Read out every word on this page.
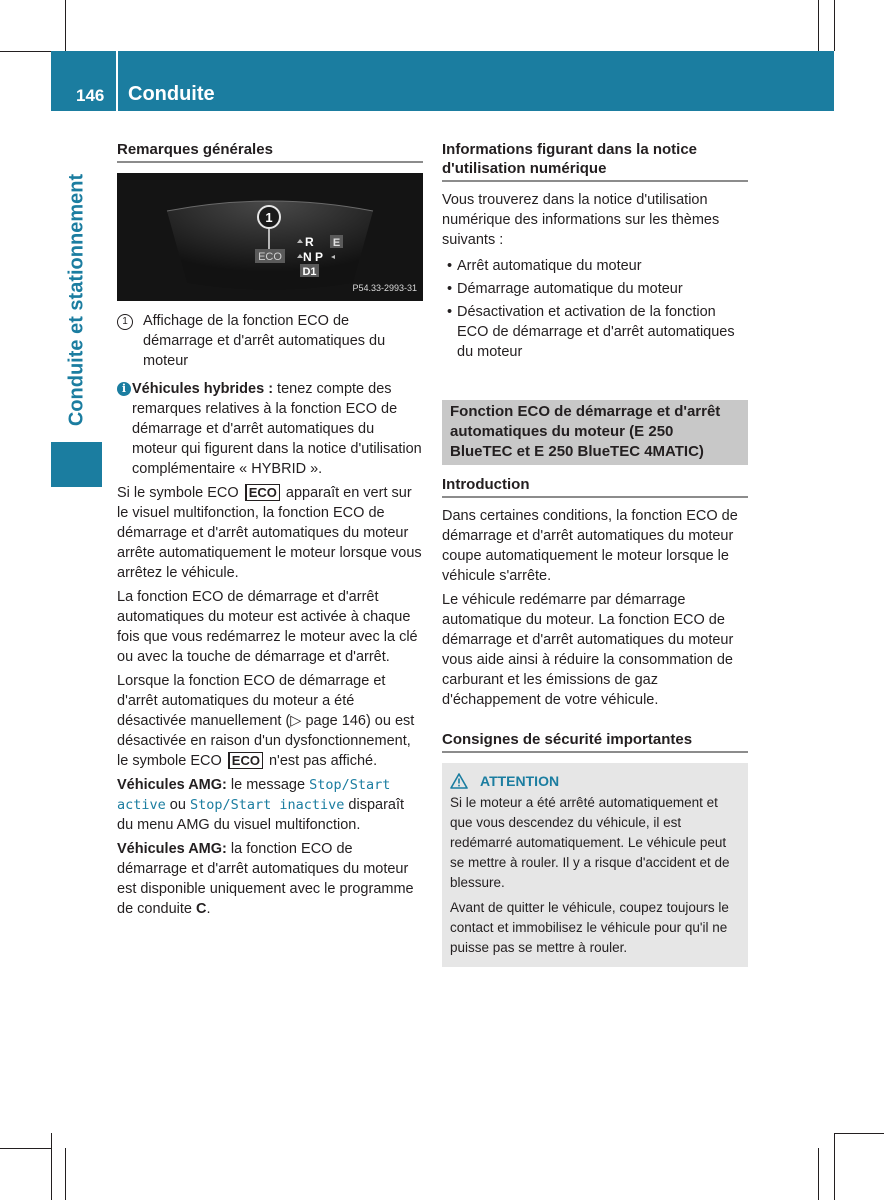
146 Conduite
Conduite et stationnement
Remarques générales
1
ECO
E
R
N P
D1
P54.33-2993-31
1	Affichage de la fonction ECO de démarrage et d'arrêt automatiques du moteur
i Véhicules hybrides : tenez compte des remarques relatives à la fonction ECO de démarrage et d'arrêt automatiques du moteur qui figurent dans la notice d'utilisation complémentaire « HYBRID ».

Si le symbole ECO ECO apparaît en vert sur le visuel multifonction, la fonction ECO de démarrage et d'arrêt automatiques du moteur arrête automatiquement le moteur lorsque vous arrêtez le véhicule.

La fonction ECO de démarrage et d'arrêt automatiques du moteur est activée à chaque fois que vous redémarrez le moteur avec la clé ou avec la touche de démarrage et d'arrêt.

Lorsque la fonction ECO de démarrage et d'arrêt automatiques du moteur a été désactivée manuellement (▷ page 146) ou est désactivée en raison d'un dysfonctionnement, le symbole ECO ECO n'est pas affiché.

Véhicules AMG: le message Stop/Start active ou Stop/Start inactive disparaît du menu AMG du visuel multifonction.

Véhicules AMG: la fonction ECO de démarrage et d'arrêt automatiques du moteur est disponible uniquement avec le programme de conduite C.

Informations figurant dans la notice d'utilisation numérique

Vous trouverez dans la notice d'utilisation numérique des informations sur les thèmes suivants :

• Arrêt automatique du moteur
• Démarrage automatique du moteur
• Désactivation et activation de la fonction ECO de démarrage et d'arrêt automatiques du moteur
Fonction ECO de démarrage et d'arrêt automatiques du moteur (E 250 BlueTEC et E 250 BlueTEC 4MATIC)
Introduction

Dans certaines conditions, la fonction ECO de démarrage et d'arrêt automatiques du moteur coupe automatiquement le moteur lorsque le véhicule s'arrête.

Le véhicule redémarre par démarrage automatique du moteur. La fonction ECO de démarrage et d'arrêt automatiques du moteur vous aide ainsi à réduire la consommation de carburant et les émissions de gaz d'échappement de votre véhicule.

Consignes de sécurité importantes
ATTENTION

Si le moteur a été arrêté automatiquement et que vous descendez du véhicule, il est redémarré automatiquement. Le véhicule peut se mettre à rouler. Il y a risque d'accident et de blessure.

Avant de quitter le véhicule, coupez toujours le contact et immobilisez le véhicule pour qu'il ne puisse pas se mettre à rouler.
